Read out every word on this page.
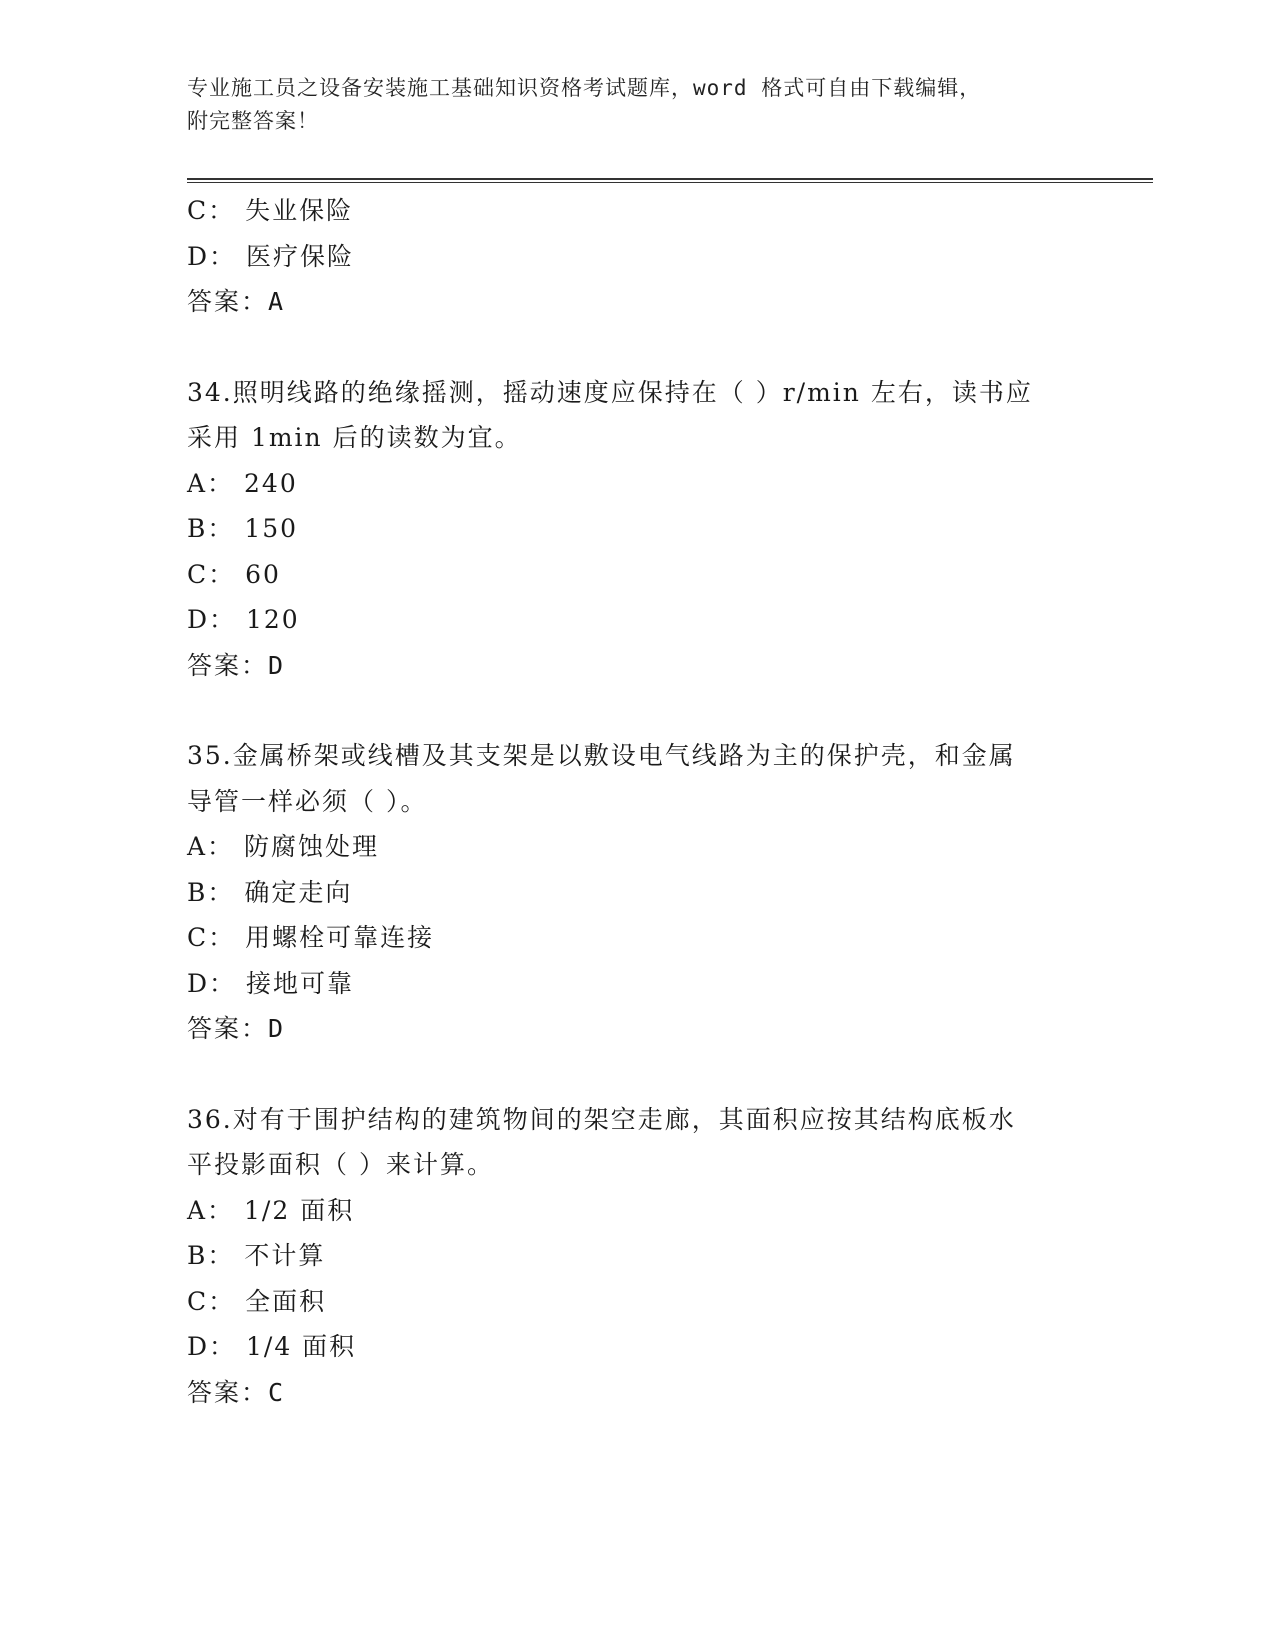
专业施工员之设备安装施工基础知识资格考试题库，word 格式可自由下载编辑，
附完整答案！
C： 失业保险
D： 医疗保险
答案：A
34.照明线路的绝缘摇测，摇动速度应保持在（ ）r/min 左右，读书应
采用 1min 后的读数为宜。
A： 240
B： 150
C： 60
D： 120
答案：D
35.金属桥架或线槽及其支架是以敷设电气线路为主的保护壳，和金属
导管一样必须（ ）。
A： 防腐蚀处理
B： 确定走向
C： 用螺栓可靠连接
D： 接地可靠
答案：D
36.对有于围护结构的建筑物间的架空走廊，其面积应按其结构底板水
平投影面积（ ）来计算。
A： 1/2 面积
B： 不计算
C： 全面积
D： 1/4 面积
答案：C
